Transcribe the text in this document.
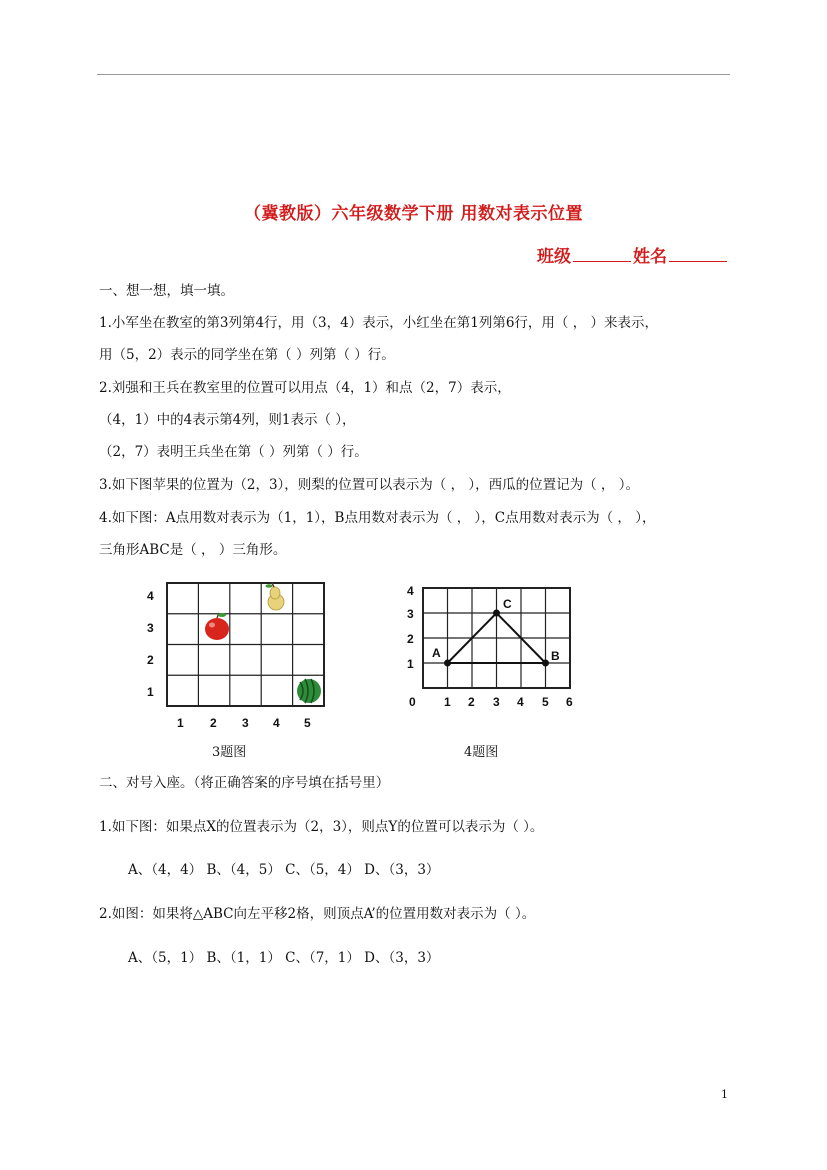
（冀教版）六年级数学下册 用数对表示位置
班级	姓名
一、想一想，填一填。
1.小军坐在教室的第3列第4行，用（3，4）表示，小红坐在第1列第6行，用（ ， ）来表示，
用（5，2）表示的同学坐在第（ ）列第（ ）行。
2.刘强和王兵在教室里的位置可以用点（4，1）和点（2，7）表示，
（4，1）中的4表示第4列，则1表示（ ），
（2，7）表明王兵坐在第（ ）列第（ ）行。
3.如下图苹果的位置为（2，3），则梨的位置可以表示为（ ， ），西瓜的位置记为（ ， ）。
4.如下图：A点用数对表示为（1，1），B点用数对表示为（ ， ），C点用数对表示为（ ， ），
三角形ABC是（ ， ）三角形。
1 2 3 4 5
1
2
3
4
3题图
A	B
C
0 1 2 3 4 5 6
1
2
3
4
4题图
二、对号入座。（将正确答案的序号填在括号里）
1.如下图：如果点X的位置表示为（2，3），则点Y的位置可以表示为（ ）。
A、（4，4） B、（4，5） C、（5，4） D、（3，3）
2.如图：如果将△ABC向左平移2格，则顶点A’的位置用数对表示为（ ）。
A、（5，1） B、（1，1） C、（7，1） D、（3，3）
1
